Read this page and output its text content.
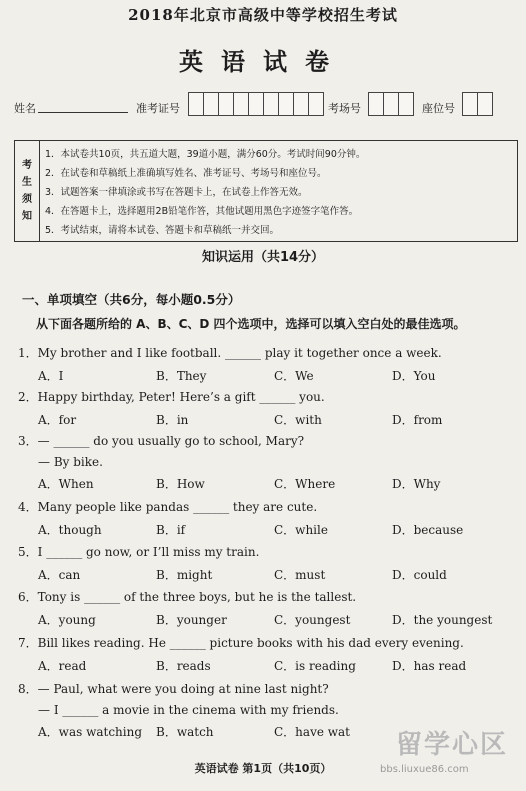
2018年北京市高级中等学校招生考试
英语试卷
姓名	准考证号	考场号	座位号
考
生
须
知
1．本试卷共10页，共五道大题，39道小题，满分60分。考试时间90分钟。
2．在试卷和草稿纸上准确填写姓名、准考证号、考场号和座位号。
3．试题答案一律填涂或书写在答题卡上，在试卷上作答无效。
4．在答题卡上，选择题用2B铅笔作答，其他试题用黑色字迹签字笔作答。
5．考试结束，请将本试卷、答题卡和草稿纸一并交回。
知识运用（共14分）
一、单项填空（共6分，每小题0.5分）
从下面各题所给的 A、B、C、D 四个选项中，选择可以填入空白处的最佳选项。
1．My brother and I like football. ______ play it together once a week.
A．I	B．They	C．We	D．You
2．Happy birthday, Peter! Here’s a gift ______ you.
A．for	B．in	C．with	D．from
3．— ______ do you usually go to school, Mary?
— By bike.
A．When	B．How	C．Where	D．Why
4．Many people like pandas ______ they are cute.
A．though	B．if	C．while	D．because
5．I ______ go now, or I’ll miss my train.
A．can	B．might	C．must	D．could
6．Tony is ______ of the three boys, but he is the tallest.
A．young	B．younger	C．youngest	D．the youngest
7．Bill likes reading. He ______ picture books with his dad every evening.
A．read	B．reads	C．is reading	D．has read
8．— Paul, what were you doing at nine last night?
— I ______ a movie in the cinema with my friends.
A．was watching	B．watch	C．have wat	留学心区
bbs.liuxue86.com
英语试卷 第1页（共10页）
